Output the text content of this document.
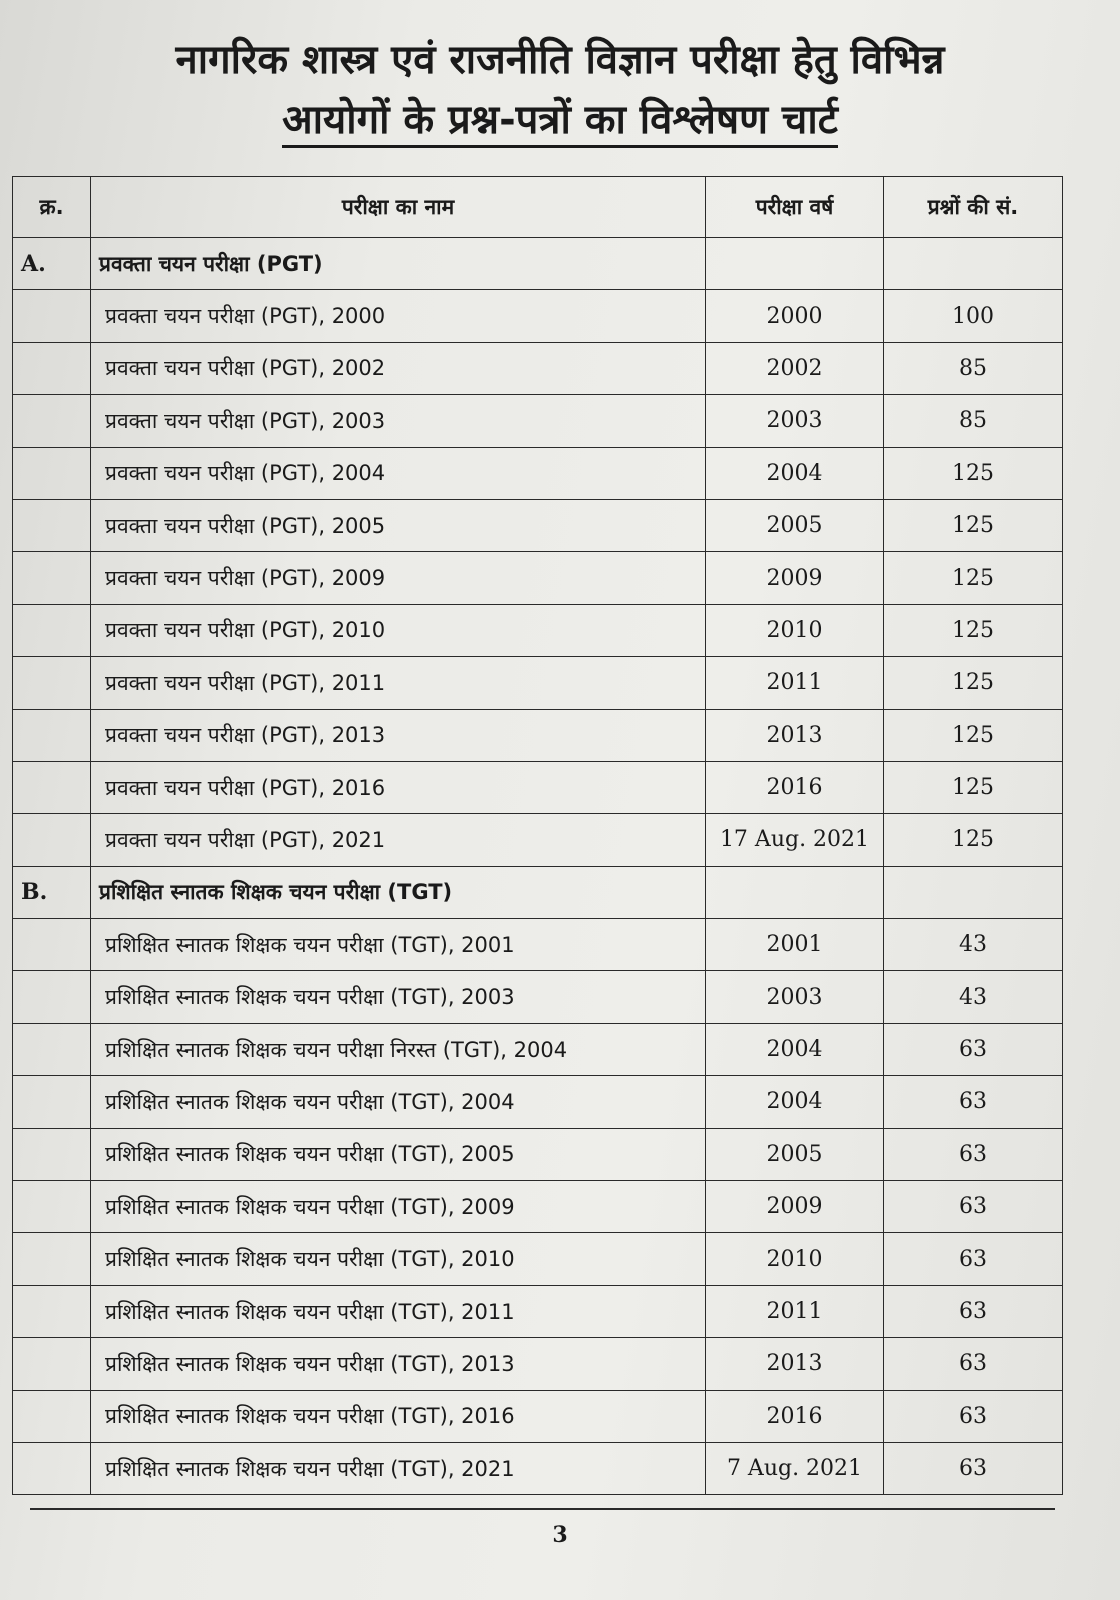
नागरिक शास्त्र एवं राजनीति विज्ञान परीक्षा हेतु विभिन्न
आयोगों के प्रश्न-पत्रों का विश्लेषण चार्ट
क्र.	परीक्षा का नाम	परीक्षा वर्ष	प्रश्नों की सं.
A.	प्रवक्ता चयन परीक्षा (PGT)		
	प्रवक्ता चयन परीक्षा (PGT), 2000	2000	100
	प्रवक्ता चयन परीक्षा (PGT), 2002	2002	85
	प्रवक्ता चयन परीक्षा (PGT), 2003	2003	85
	प्रवक्ता चयन परीक्षा (PGT), 2004	2004	125
	प्रवक्ता चयन परीक्षा (PGT), 2005	2005	125
	प्रवक्ता चयन परीक्षा (PGT), 2009	2009	125
	प्रवक्ता चयन परीक्षा (PGT), 2010	2010	125
	प्रवक्ता चयन परीक्षा (PGT), 2011	2011	125
	प्रवक्ता चयन परीक्षा (PGT), 2013	2013	125
	प्रवक्ता चयन परीक्षा (PGT), 2016	2016	125
	प्रवक्ता चयन परीक्षा (PGT), 2021	17 Aug. 2021	125
B.	प्रशिक्षित स्नातक शिक्षक चयन परीक्षा (TGT)		
	प्रशिक्षित स्नातक शिक्षक चयन परीक्षा (TGT), 2001	2001	43
	प्रशिक्षित स्नातक शिक्षक चयन परीक्षा (TGT), 2003	2003	43
	प्रशिक्षित स्नातक शिक्षक चयन परीक्षा निरस्त (TGT), 2004	2004	63
	प्रशिक्षित स्नातक शिक्षक चयन परीक्षा (TGT), 2004	2004	63
	प्रशिक्षित स्नातक शिक्षक चयन परीक्षा (TGT), 2005	2005	63
	प्रशिक्षित स्नातक शिक्षक चयन परीक्षा (TGT), 2009	2009	63
	प्रशिक्षित स्नातक शिक्षक चयन परीक्षा (TGT), 2010	2010	63
	प्रशिक्षित स्नातक शिक्षक चयन परीक्षा (TGT), 2011	2011	63
	प्रशिक्षित स्नातक शिक्षक चयन परीक्षा (TGT), 2013	2013	63
	प्रशिक्षित स्नातक शिक्षक चयन परीक्षा (TGT), 2016	2016	63
	प्रशिक्षित स्नातक शिक्षक चयन परीक्षा (TGT), 2021	7 Aug. 2021	63
3
